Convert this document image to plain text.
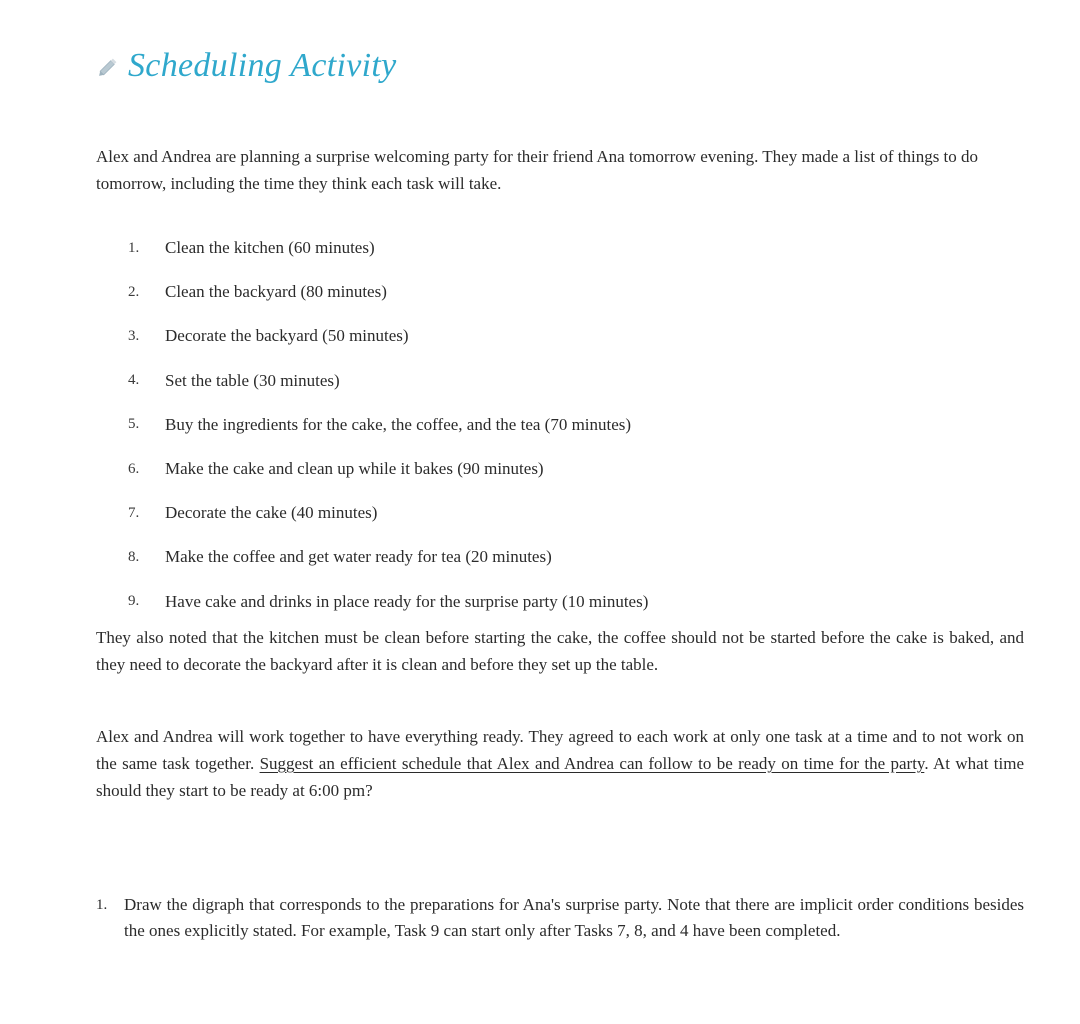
Scheduling Activity

Alex and Andrea are planning a surprise welcoming party for their friend Ana tomorrow evening. They made a list of things to do tomorrow, including the time they think each task will take.

1.	Clean the kitchen (60 minutes)
2.	Clean the backyard (80 minutes)
3.	Decorate the backyard (50 minutes)
4.	Set the table (30 minutes)
5.	Buy the ingredients for the cake, the coffee, and the tea (70 minutes)
6.	Make the cake and clean up while it bakes (90 minutes)
7.	Decorate the cake (40 minutes)
8.	Make the coffee and get water ready for tea (20 minutes)
9.	Have cake and drinks in place ready for the surprise party (10 minutes)

They also noted that the kitchen must be clean before starting the cake, the coffee should not be started before the cake is baked, and they need to decorate the backyard after it is clean and before they set up the table.

Alex and Andrea will work together to have everything ready. They agreed to each work at only one task at a time and to not work on the same task together. Suggest an efficient schedule that Alex and Andrea can follow to be ready on time for the party. At what time should they start to be ready at 6:00 pm?

1. Draw the digraph that corresponds to the preparations for Ana's surprise party. Note that there are implicit order conditions besides the ones explicitly stated. For example, Task 9 can start only after Tasks 7, 8, and 4 have been completed.
